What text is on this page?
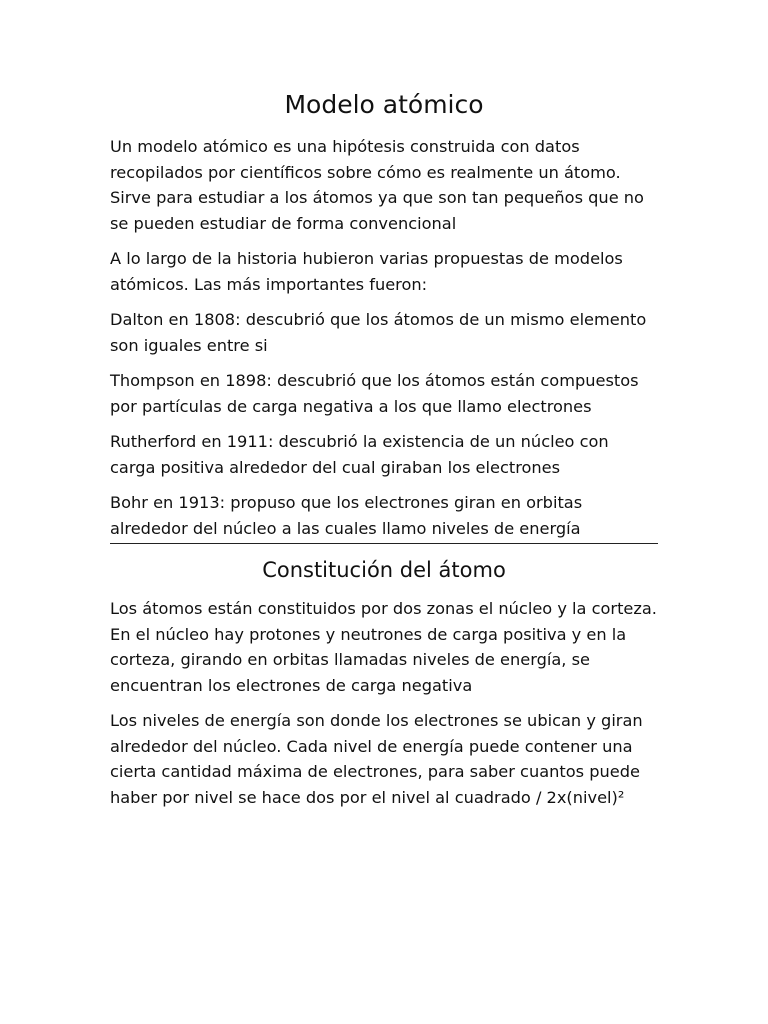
Modelo atómico

Un modelo atómico es una hipótesis construida con datos recopilados por científicos sobre cómo es realmente un átomo. Sirve para estudiar a los átomos ya que son tan pequeños que no se pueden estudiar de forma convencional

A lo largo de la historia hubieron varias propuestas de modelos atómicos. Las más importantes fueron:

Dalton en 1808: descubrió que los átomos de un mismo elemento son iguales entre si

Thompson en 1898: descubrió que los átomos están compuestos por partículas de carga negativa a los que llamo electrones

Rutherford en 1911: descubrió la existencia de un núcleo con carga positiva alrededor del cual giraban los electrones

Bohr en 1913: propuso que los electrones giran en orbitas alrededor del núcleo a las cuales llamo niveles de energía

Constitución del átomo

Los átomos están constituidos por dos zonas el núcleo y la corteza. En el núcleo hay protones y neutrones de carga positiva y en la corteza, girando en orbitas llamadas niveles de energía, se encuentran los electrones de carga negativa

Los niveles de energía son donde los electrones se ubican y giran alrededor del núcleo. Cada nivel de energía puede contener una cierta cantidad máxima de electrones, para saber cuantos puede haber por nivel se hace dos por el nivel al cuadrado / 2x(nivel)²
